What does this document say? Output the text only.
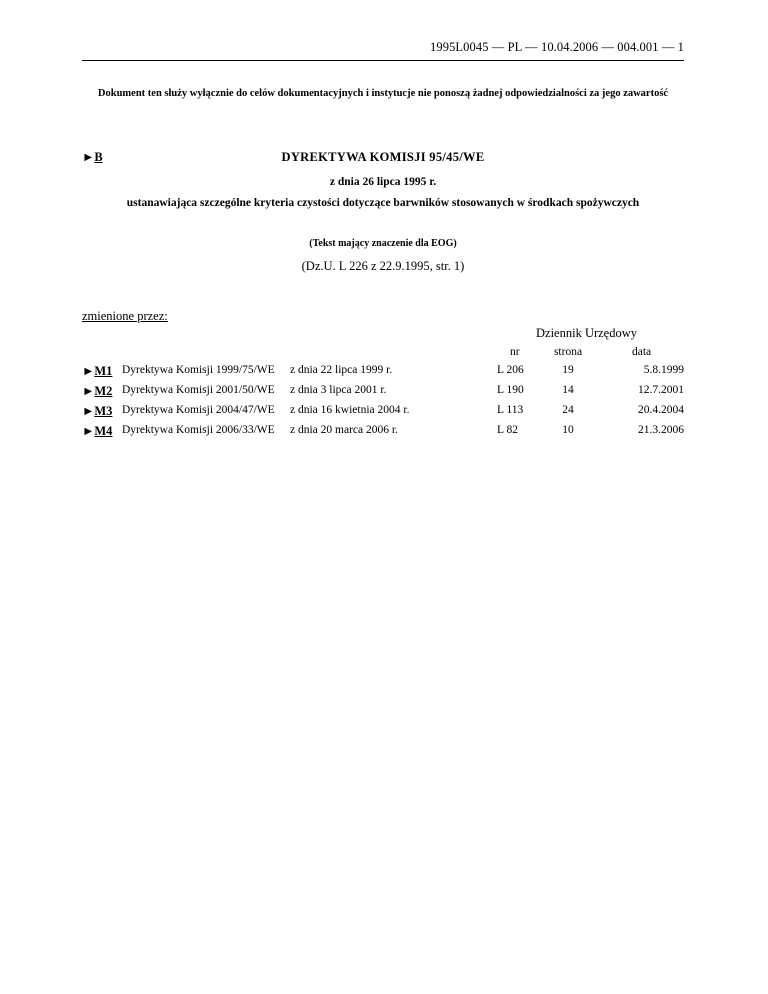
1995L0045 — PL — 10.04.2006 — 004.001 — 1
Dokument ten służy wyłącznie do celów dokumentacyjnych i instytucje nie ponoszą żadnej odpowiedzialności za jego zawartość
►B	DYREKTYWA KOMISJI 95/45/WE
z dnia 26 lipca 1995 r.
ustanawiająca szczególne kryteria czystości dotyczące barwników stosowanych w środkach spożywczych
(Tekst mający znaczenie dla EOG)
(Dz.U. L 226 z 22.9.1995, str. 1)
zmienione przez:
Dziennik Urzędowy
nr	strona	data
►M1 Dyrektywa Komisji 1999/75/WE z dnia 22 lipca 1999 r.	L 206	19	5.8.1999
►M2 Dyrektywa Komisji 2001/50/WE z dnia 3 lipca 2001 r.	L 190	14	12.7.2001
►M3 Dyrektywa Komisji 2004/47/WE z dnia 16 kwietnia 2004 r.	L 113	24	20.4.2004
►M4 Dyrektywa Komisji 2006/33/WE z dnia 20 marca 2006 r.	L 82	10	21.3.2006
